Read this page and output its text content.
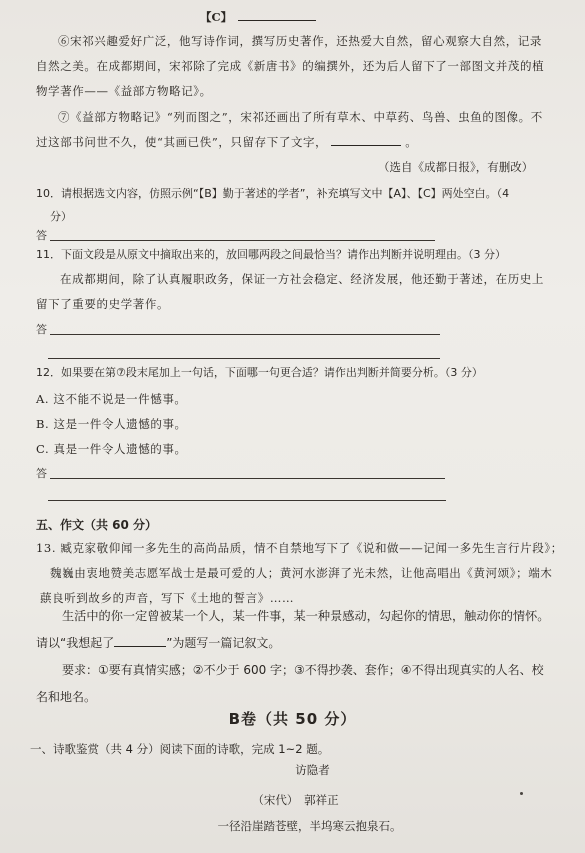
【C】
⑥宋祁兴趣爱好广泛，他写诗作词，撰写历史著作，还热爱大自然，留心观察大自然，记录
自然之美。在成都期间，宋祁除了完成《新唐书》的编撰外，还为后人留下了一部图文并茂的植
物学著作——《益部方物略记》。
⑦《益部方物略记》“列而图之”，宋祁还画出了所有草木、中草药、鸟兽、虫鱼的图像。不
过这部书问世不久，使“其画已佚”，只留存下了文字，	。
（选自《成都日报》，有删改）
10．请根据选文内容，仿照示例“【B】勤于著述的学者”，补充填写文中【A】、【C】两处空白。（4
分）
答
11．下面文段是从原文中摘取出来的，放回哪两段之间最恰当？请作出判断并说明理由。（3 分）
在成都期间，除了认真履职政务，保证一方社会稳定、经济发展，他还勤于著述，在历史上
留下了重要的史学著作。
答
12．如果要在第⑦段末尾加上一句话，下面哪一句更合适？请作出判断并简要分析。（3 分）
A. 这不能不说是一件憾事。
B. 这是一件令人遗憾的事。
C. 真是一件令人遗憾的事。
答
五、作文（共 60 分）
13. 臧克家敬仰闻一多先生的高尚品质，情不自禁地写下了《说和做——记闻一多先生言行片段》；
魏巍由衷地赞美志愿军战士是最可爱的人；黄河水澎湃了光未然，让他高唱出《黄河颂》；端木
蕻良听到故乡的声音，写下《土地的誓言》……
生活中的你一定曾被某一个人，某一件事，某一种景感动，勾起你的情思，触动你的情怀。
请以“我想起了	”为题写一篇记叙文。
要求：①要有真情实感；②不少于 600 字；③不得抄袭、套作；④不得出现真实的人名、校
名和地名。
B卷（共 50 分）
一、诗歌鉴赏（共 4 分）阅读下面的诗歌，完成 1~2 题。
访隐者
（宋代）　郭祥正
一径沿崖踏苍壁，半坞寒云抱泉石。
